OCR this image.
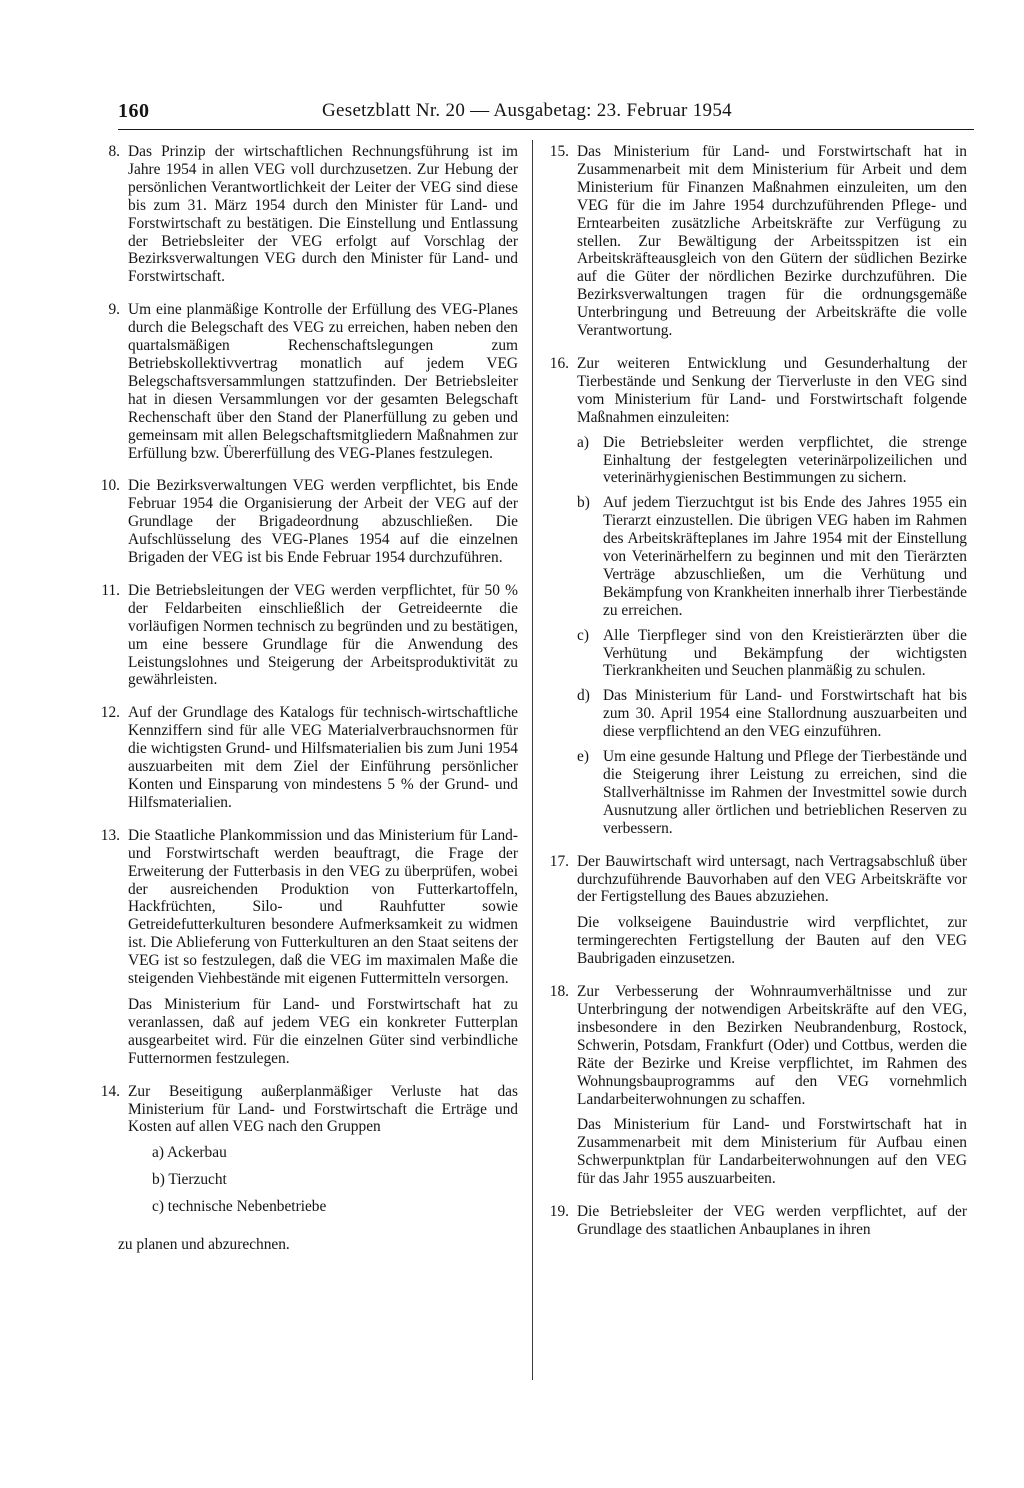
160	Gesetzblatt Nr. 20 — Ausgabetag: 23. Februar 1954
8. Das Prinzip der wirtschaftlichen Rechnungsführung ist im Jahre 1954 in allen VEG voll durchzusetzen. Zur Hebung der persönlichen Verantwortlichkeit der Leiter der VEG sind diese bis zum 31. März 1954 durch den Minister für Land- und Forstwirtschaft zu bestätigen. Die Einstellung und Entlassung der Betriebsleiter der VEG erfolgt auf Vorschlag der Bezirksverwaltungen VEG durch den Minister für Land- und Forstwirtschaft.

9. Um eine planmäßige Kontrolle der Erfüllung des VEG-Planes durch die Belegschaft des VEG zu erreichen, haben neben den quartalsmäßigen Rechenschaftslegungen zum Betriebskollektivvertrag monatlich auf jedem VEG Belegschaftsversammlungen stattzufinden. Der Betriebsleiter hat in diesen Versammlungen vor der gesamten Belegschaft Rechenschaft über den Stand der Planerfüllung zu geben und gemeinsam mit allen Belegschaftsmitgliedern Maßnahmen zur Erfüllung bzw. Übererfüllung des VEG-Planes festzulegen.

10. Die Bezirksverwaltungen VEG werden verpflichtet, bis Ende Februar 1954 die Organisierung der Arbeit der VEG auf der Grundlage der Brigadeordnung abzuschließen. Die Aufschlüsselung des VEG-Planes 1954 auf die einzelnen Brigaden der VEG ist bis Ende Februar 1954 durchzuführen.

11. Die Betriebsleitungen der VEG werden verpflichtet, für 50 % der Feldarbeiten einschließlich der Getreideernte die vorläufigen Normen technisch zu begründen und zu bestätigen, um eine bessere Grundlage für die Anwendung des Leistungslohnes und Steigerung der Arbeitsproduktivität zu gewährleisten.

12. Auf der Grundlage des Katalogs für technisch-wirtschaftliche Kennziffern sind für alle VEG Materialverbrauchsnormen für die wichtigsten Grund- und Hilfsmaterialien bis zum Juni 1954 auszuarbeiten mit dem Ziel der Einführung persönlicher Konten und Einsparung von mindestens 5 % der Grund- und Hilfsmaterialien.

13. Die Staatliche Plankommission und das Ministerium für Land- und Forstwirtschaft werden beauftragt, die Frage der Erweiterung der Futterbasis in den VEG zu überprüfen, wobei der ausreichenden Produktion von Futterkartoffeln, Hackfrüchten, Silo- und Rauhfutter sowie Getreidefutterkulturen besondere Aufmerksamkeit zu widmen ist. Die Ablieferung von Futterkulturen an den Staat seitens der VEG ist so festzulegen, daß die VEG im maximalen Maße die steigenden Viehbestände mit eigenen Futtermitteln versorgen.

Das Ministerium für Land- und Forstwirtschaft hat zu veranlassen, daß auf jedem VEG ein konkreter Futterplan ausgearbeitet wird. Für die einzelnen Güter sind verbindliche Futternormen festzulegen.

14. Zur Beseitigung außerplanmäßiger Verluste hat das Ministerium für Land- und Forstwirtschaft die Erträge und Kosten auf allen VEG nach den Gruppen

a) Ackerbau
b) Tierzucht
c) technische Nebenbetriebe
zu planen und abzurechnen.
15. Das Ministerium für Land- und Forstwirtschaft hat in Zusammenarbeit mit dem Ministerium für Arbeit und dem Ministerium für Finanzen Maßnahmen einzuleiten, um den VEG für die im Jahre 1954 durchzuführenden Pflege- und Erntearbeiten zusätzliche Arbeitskräfte zur Verfügung zu stellen. Zur Bewältigung der Arbeitsspitzen ist ein Arbeitskräfteausgleich von den Gütern der südlichen Bezirke auf die Güter der nördlichen Bezirke durchzuführen. Die Bezirksverwaltungen tragen für die ordnungsgemäße Unterbringung und Betreuung der Arbeitskräfte die volle Verantwortung.

16. Zur weiteren Entwicklung und Gesunderhaltung der Tierbestände und Senkung der Tierverluste in den VEG sind vom Ministerium für Land- und Forstwirtschaft folgende Maßnahmen einzuleiten:

a) Die Betriebsleiter werden verpflichtet, die strenge Einhaltung der festgelegten veterinärpolizeilichen und veterinärhygienischen Bestimmungen zu sichern.
b) Auf jedem Tierzuchtgut ist bis Ende des Jahres 1955 ein Tierarzt einzustellen. Die übrigen VEG haben im Rahmen des Arbeitskräfteplanes im Jahre 1954 mit der Einstellung von Veterinärhelfern zu beginnen und mit den Tierärzten Verträge abzuschließen, um die Verhütung und Bekämpfung von Krankheiten innerhalb ihrer Tierbestände zu erreichen.
c) Alle Tierpfleger sind von den Kreistierärzten über die Verhütung und Bekämpfung der wichtigsten Tierkrankheiten und Seuchen planmäßig zu schulen.
d) Das Ministerium für Land- und Forstwirtschaft hat bis zum 30. April 1954 eine Stallordnung auszuarbeiten und diese verpflichtend an den VEG einzuführen.
e) Um eine gesunde Haltung und Pflege der Tierbestände und die Steigerung ihrer Leistung zu erreichen, sind die Stallverhältnisse im Rahmen der Investmittel sowie durch Ausnutzung aller örtlichen und betrieblichen Reserven zu verbessern.
17. Der Bauwirtschaft wird untersagt, nach Vertragsabschluß über durchzuführende Bauvorhaben auf den VEG Arbeitskräfte vor der Fertigstellung des Baues abzuziehen.

Die volkseigene Bauindustrie wird verpflichtet, zur termingerechten Fertigstellung der Bauten auf den VEG Baubrigaden einzusetzen.

18. Zur Verbesserung der Wohnraumverhältnisse und zur Unterbringung der notwendigen Arbeitskräfte auf den VEG, insbesondere in den Bezirken Neubrandenburg, Rostock, Schwerin, Potsdam, Frankfurt (Oder) und Cottbus, werden die Räte der Bezirke und Kreise verpflichtet, im Rahmen des Wohnungsbauprogramms auf den VEG vornehmlich Landarbeiterwohnungen zu schaffen.

Das Ministerium für Land- und Forstwirtschaft hat in Zusammenarbeit mit dem Ministerium für Aufbau einen Schwerpunktplan für Landarbeiterwohnungen auf den VEG für das Jahr 1955 auszuarbeiten.

19. Die Betriebsleiter der VEG werden verpflichtet, auf der Grundlage des staatlichen Anbauplanes in ihren
